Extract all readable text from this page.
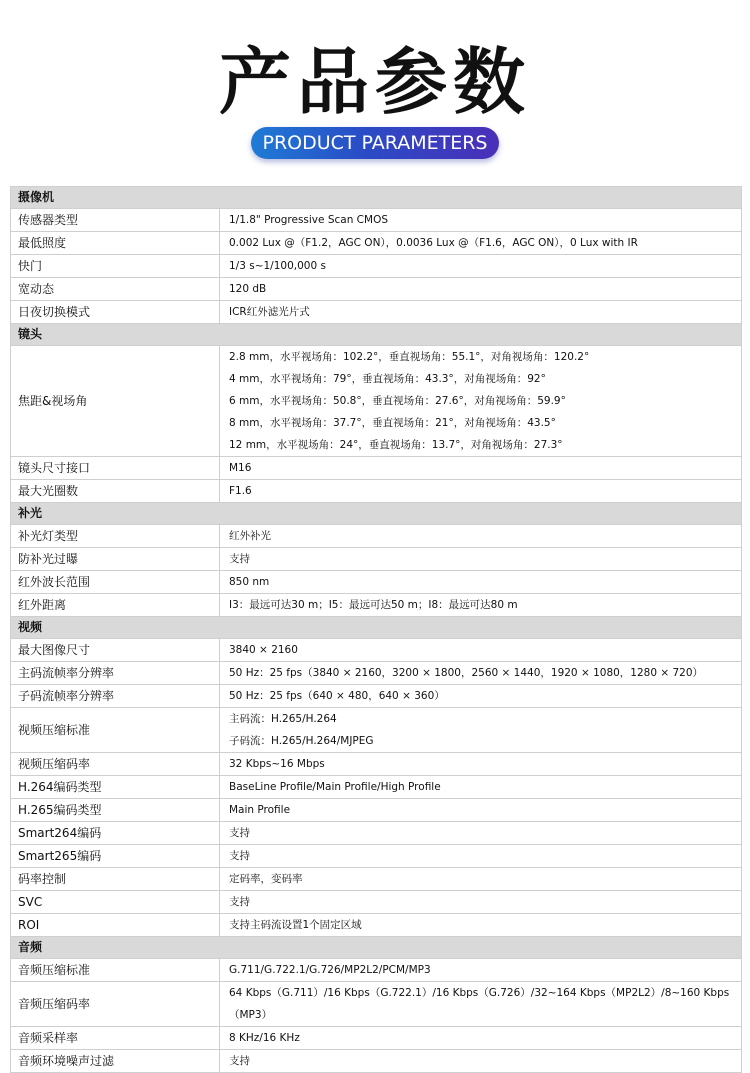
产品参数
PRODUCT PARAMETERS
摄像机	
传感器类型	1/1.8" Progressive Scan CMOS
最低照度	0.002 Lux @（F1.2，AGC ON），0.0036 Lux @（F1.6，AGC ON），0 Lux with IR
快门	1/3 s~1/100,000 s
宽动态	120 dB
日夜切换模式	ICR红外滤光片式
镜头	
焦距&视场角	2.8 mm，水平视场角：102.2°，垂直视场角：55.1°，对角视场角：120.2°
4 mm，水平视场角：79°，垂直视场角：43.3°，对角视场角：92°
6 mm，水平视场角：50.8°，垂直视场角：27.6°，对角视场角：59.9°
8 mm，水平视场角：37.7°，垂直视场角：21°，对角视场角：43.5°
12 mm，水平视场角：24°，垂直视场角：13.7°，对角视场角：27.3°

镜头尺寸接口	M16
最大光圈数	F1.6
补光	
补光灯类型	红外补光
防补光过曝	支持
红外波长范围	850 nm
红外距离	I3：最远可达30 m；I5：最远可达50 m；I8：最远可达80 m
视频	
最大图像尺寸	3840 × 2160
主码流帧率分辨率	50 Hz：25 fps（3840 × 2160，3200 × 1800，2560 × 1440，1920 × 1080，1280 × 720）
子码流帧率分辨率	50 Hz：25 fps（640 × 480，640 × 360）
视频压缩标准	主码流：H.265/H.264
子码流：H.265/H.264/MJPEG

视频压缩码率	32 Kbps~16 Mbps
H.264编码类型	BaseLine Profile/Main Profile/High Profile
H.265编码类型	Main Profile
Smart264编码	支持
Smart265编码	支持
码率控制	定码率，变码率
SVC	支持
ROI	支持主码流设置1个固定区域
音频	
音频压缩标准	G.711/G.722.1/G.726/MP2L2/PCM/MP3
音频压缩码率	64 Kbps（G.711）/16 Kbps（G.722.1）/16 Kbps（G.726）/32~164 Kbps（MP2L2）/8~160 Kbps（MP3）
音频采样率	8 KHz/16 KHz
音频环境噪声过滤	支持
